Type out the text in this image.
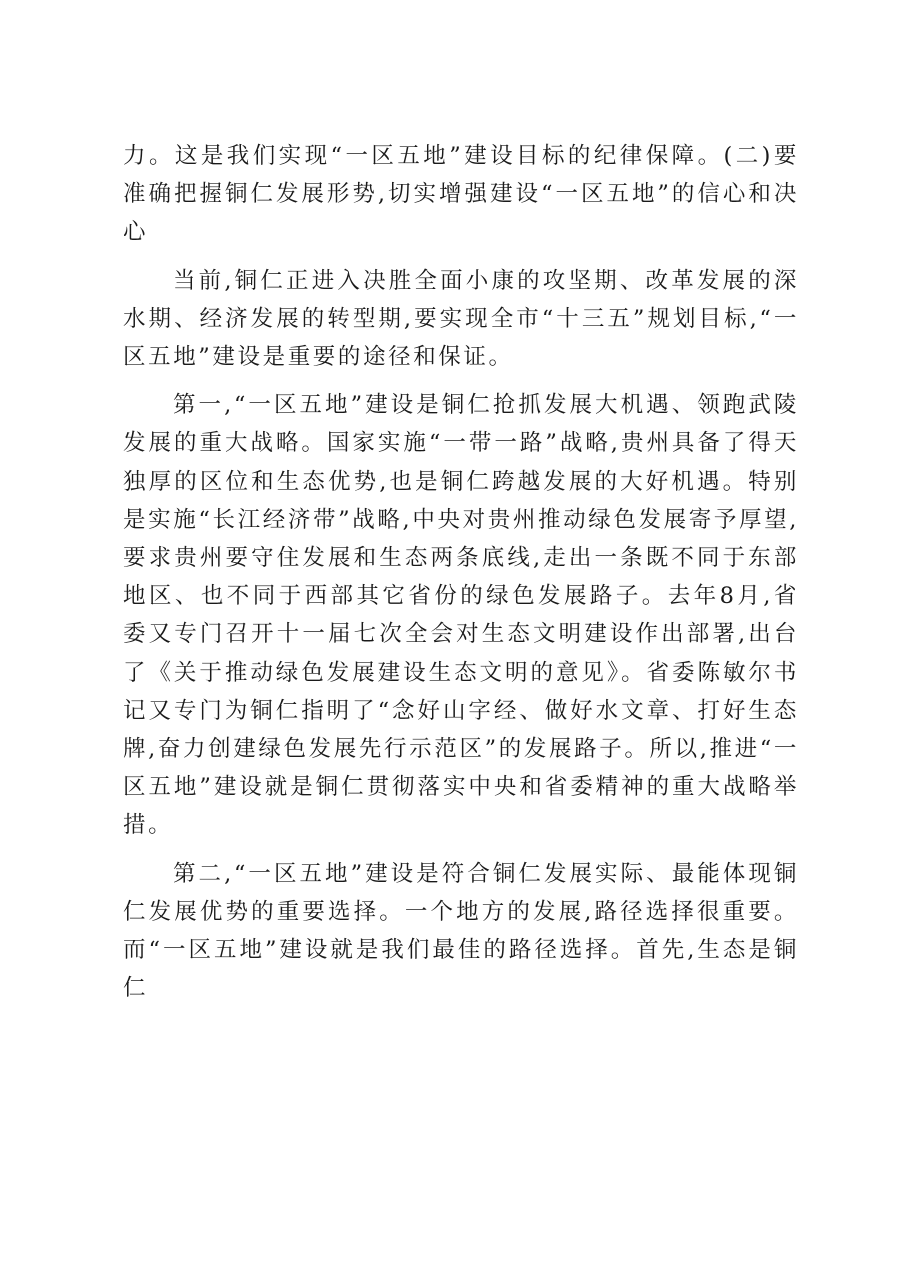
力。这是我们实现“一区五地”建设目标的纪律保障。(二)要准确把握铜仁发展形势,切实增强建设“一区五地”的信心和决心

当前,铜仁正进入决胜全面小康的攻坚期、改革发展的深水期、经济发展的转型期,要实现全市“十三五”规划目标,“一区五地”建设是重要的途径和保证。

第一,“一区五地”建设是铜仁抢抓发展大机遇、领跑武陵发展的重大战略。国家实施“一带一路”战略,贵州具备了得天独厚的区位和生态优势,也是铜仁跨越发展的大好机遇。特别是实施“长江经济带”战略,中央对贵州推动绿色发展寄予厚望,要求贵州要守住发展和生态两条底线,走出一条既不同于东部地区、也不同于西部其它省份的绿色发展路子。去年8月,省委又专门召开十一届七次全会对生态文明建设作出部署,出台了《关于推动绿色发展建设生态文明的意见》。省委陈敏尔书记又专门为铜仁指明了“念好山字经、做好水文章、打好生态牌,奋力创建绿色发展先行示范区”的发展路子。所以,推进“一区五地”建设就是铜仁贯彻落实中央和省委精神的重大战略举措。

第二,“一区五地”建设是符合铜仁发展实际、最能体现铜仁发展优势的重要选择。一个地方的发展,路径选择很重要。而“一区五地”建设就是我们最佳的路径选择。首先,生态是铜仁
